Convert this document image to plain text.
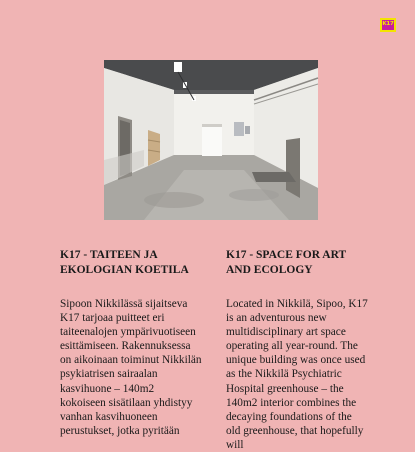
K17
K17 - TAITEEN JA EKOLOGIAN KOETILA

Sipoon Nikkilässä sijaitseva K17 tarjoaa puitteet eri taiteenalojen ympärivuotiseen esittämiseen. Rakennuksessa on aikoinaan toiminut Nikkilän psykiatrisen sairaalan kasvihuone – 140m2 kokoiseen sisätilaan yhdistyy vanhan kasvihuoneen perustukset, jotka pyritään

K17 - SPACE FOR ART AND ECOLOGY

Located in Nikkilä, Sipoo, K17 is an adventurous new multidisciplinary art space operating all year-round. The unique building was once used as the Nikkilä Psychiatric Hospital greenhouse – the 140m2 interior combines the decaying foundations of the old greenhouse, that hopefully will
